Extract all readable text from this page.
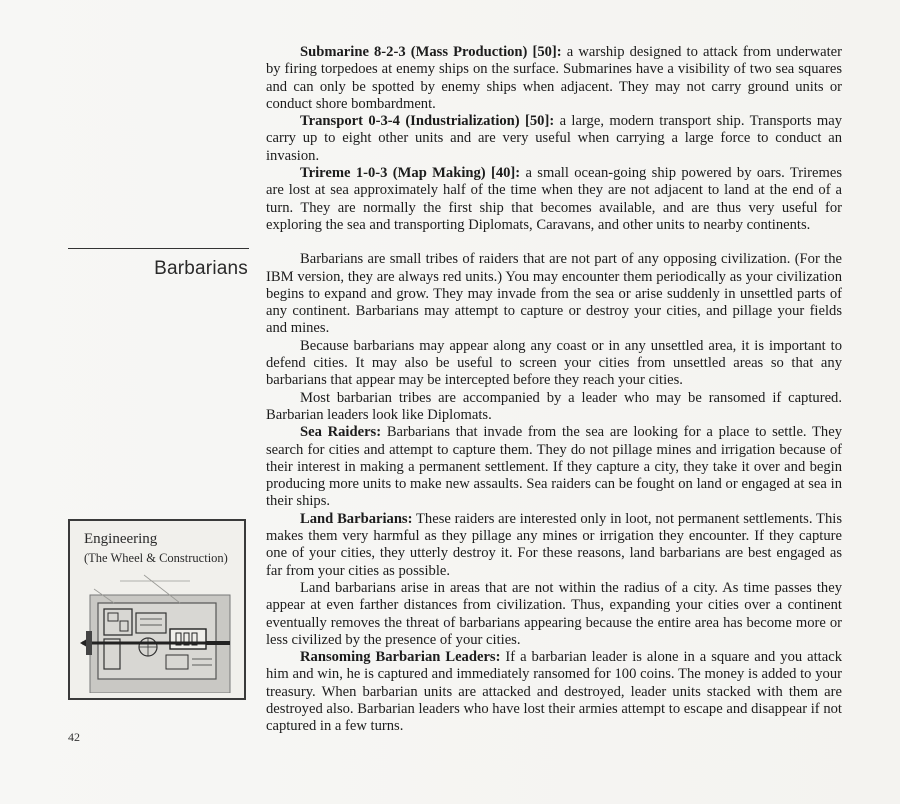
Submarine 8-2-3 (Mass Production) [50]: a warship designed to attack from underwater by firing torpedoes at enemy ships on the surface. Submarines have a visibility of two sea squares and can only be spotted by enemy ships when adjacent. They may not carry ground units or conduct shore bombardment.

Transport 0-3-4 (Industrialization) [50]: a large, modern transport ship. Transports may carry up to eight other units and are very useful when carrying a large force to conduct an invasion.

Trireme 1-0-3 (Map Making) [40]: a small ocean-going ship powered by oars. Triremes are lost at sea approximately half of the time when they are not adjacent to land at the end of a turn. They are normally the first ship that becomes available, and are thus very useful for exploring the sea and transporting Diplomats, Caravans, and other units to nearby continents.

Barbarians are small tribes of raiders that are not part of any opposing civilization. (For the IBM version, they are always red units.) You may encounter them periodically as your civilization begins to expand and grow. They may invade from the sea or arise suddenly in unsettled parts of any continent. Barbarians may attempt to capture or destroy your cities, and pillage your fields and mines.

Because barbarians may appear along any coast or in any unsettled area, it is important to defend cities. It may also be useful to screen your cities from unsettled areas so that any barbarians that appear may be intercepted before they reach your cities.

Most barbarian tribes are accompanied by a leader who may be ransomed if captured. Barbarian leaders look like Diplomats.

Sea Raiders: Barbarians that invade from the sea are looking for a place to settle. They search for cities and attempt to capture them. They do not pillage mines and irrigation because of their interest in making a permanent settlement. If they capture a city, they take it over and begin producing more units to make new assaults. Sea raiders can be fought on land or engaged at sea in their ships.

Land Barbarians: These raiders are interested only in loot, not permanent settlements. This makes them very harmful as they pillage any mines or irrigation they encounter. If they capture one of your cities, they utterly destroy it. For these reasons, land barbarians are best engaged as far from your cities as possible.

Land barbarians arise in areas that are not within the radius of a city. As time passes they appear at even farther distances from civilization. Thus, expanding your cities over a continent eventually removes the threat of barbarians appearing because the entire area has become more or less civilized by the presence of your cities.

Ransoming Barbarian Leaders: If a barbarian leader is alone in a square and you attack him and win, he is captured and immediately ransomed for 100 coins. The money is added to your treasury. When barbarian units are attacked and destroyed, leader units stacked with them are destroyed also. Barbarian leaders who have lost their armies attempt to escape and disappear if not captured in a few turns.

Barbarians
Engineering
(The Wheel & Construction)
42
